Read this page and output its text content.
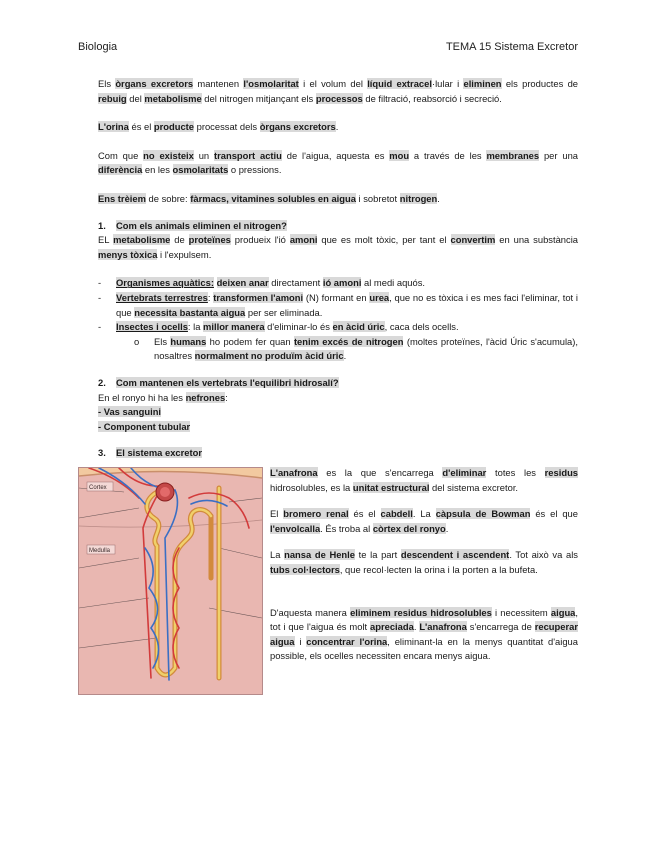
Biologia	TEMA 15 Sistema Excretor

Els òrgans excretors mantenen l'osmolaritat i el volum del líquid extracel·lular i eliminen els productes de rebuig del metabolisme del nitrogen mitjançant els processos de filtració, reabsorció i secreció.

L'orina és el producte processat dels òrgans excretors.

Com que no existeix un transport actiu de l'aigua, aquesta es mou a través de les membranes per una diferència en les osmolaritats o pressions.

Ens trèiem de sobre: fàrmacs, vitamines solubles en aigua i sobretot nitrogen.

1. Com els animals eliminen el nitrogen?

EL metabolisme de proteïnes produeix l'ió amoni que es molt tòxic, per tant el convertim en una substància menys tòxica i l'expulsem.

- Organismes aquàtics: deixen anar directament ió amoni al medi aquós.
- Vertebrats terrestres: transformen l'amoni (N) formant en urea, que no es tòxica i es mes faci l'eliminar, tot i que necessita bastanta aigua per ser eliminada.
- Insectes i ocells: la millor manera d'eliminar-lo és en àcid úric, caca dels ocells.
o Els humans ho podem fer quan tenim excés de nitrogen (moltes proteïnes, l'àcid Úric s'acumula), nosaltres normalment no produïm àcid úric.

2. Com mantenen els vertebrats l'equilibri hidrosalí?

En el ronyo hi ha les nefrones:

- Vas sanguini

- Component tubular

3. El sistema excretor

Cortex
Medulla

L'anafrona es la que s'encarrega d'eliminar totes les residus hidrosolubles, es la unitat estructural del sistema excretor.

El bromero renal és el cabdell. La càpsula de Bowman és el que l'envolcalla. És troba al còrtex del ronyo.

La nansa de Henle te la part descendent i ascendent. Tot això va als tubs col·lectors, que recol·lecten la orina i la porten a la bufeta.

D'aquesta manera eliminem residus hidrosolubles i necessitem aigua, tot i que l'aigua és molt apreciada. L'anafrona s'encarrega de recuperar aigua i concentrar l'orina, eliminant-la en la menys quantitat d'aigua possible, els ocelles necessiten encara menys aigua.
